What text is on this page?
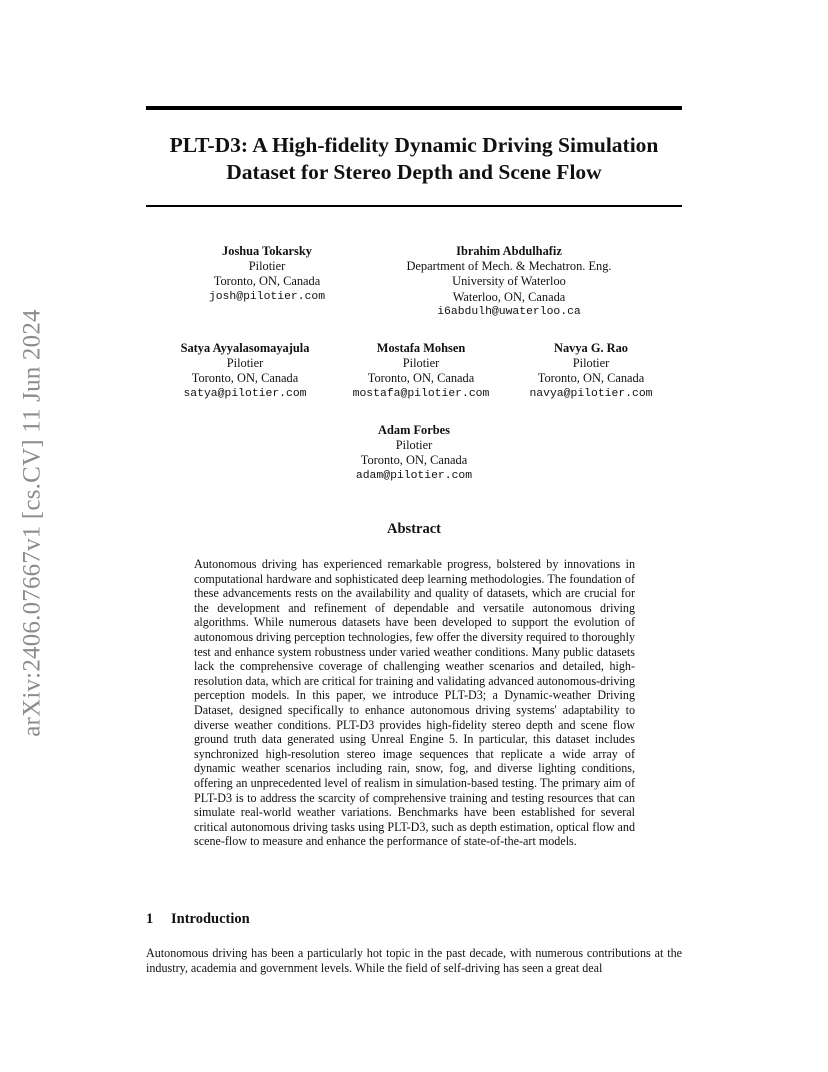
arXiv:2406.07667v1 [cs.CV] 11 Jun 2024
PLT-D3: A High-fidelity Dynamic Driving Simulation Dataset for Stereo Depth and Scene Flow
Joshua Tokarsky
Pilotier
Toronto, ON, Canada
josh@pilotier.com
Ibrahim Abdulhafiz
Department of Mech. & Mechatron. Eng.
University of Waterloo
Waterloo, ON, Canada
i6abdulh@uwaterloo.ca
Satya Ayyalasomayajula
Pilotier
Toronto, ON, Canada
satya@pilotier.com
Mostafa Mohsen
Pilotier
Toronto, ON, Canada
mostafa@pilotier.com
Navya G. Rao
Pilotier
Toronto, ON, Canada
navya@pilotier.com
Adam Forbes
Pilotier
Toronto, ON, Canada
adam@pilotier.com
Abstract

Autonomous driving has experienced remarkable progress, bolstered by innovations in computational hardware and sophisticated deep learning methodologies. The foundation of these advancements rests on the availability and quality of datasets, which are crucial for the development and refinement of dependable and versatile autonomous driving algorithms. While numerous datasets have been developed to support the evolution of autonomous driving perception technologies, few offer the diversity required to thoroughly test and enhance system robustness under varied weather conditions. Many public datasets lack the comprehensive coverage of challenging weather scenarios and detailed, high-resolution data, which are critical for training and validating advanced autonomous-driving perception models. In this paper, we introduce PLT-D3; a Dynamic-weather Driving Dataset, designed specifically to enhance autonomous driving systems' adaptability to diverse weather conditions. PLT-D3 provides high-fidelity stereo depth and scene flow ground truth data generated using Unreal Engine 5. In particular, this dataset includes synchronized high-resolution stereo image sequences that replicate a wide array of dynamic weather scenarios including rain, snow, fog, and diverse lighting conditions, offering an unprecedented level of realism in simulation-based testing. The primary aim of PLT-D3 is to address the scarcity of comprehensive training and testing resources that can simulate real-world weather variations. Benchmarks have been established for several critical autonomous driving tasks using PLT-D3, such as depth estimation, optical flow and scene-flow to measure and enhance the performance of state-of-the-art models.

1 Introduction

Autonomous driving has been a particularly hot topic in the past decade, with numerous contributions at the industry, academia and government levels. While the field of self-driving has seen a great deal
